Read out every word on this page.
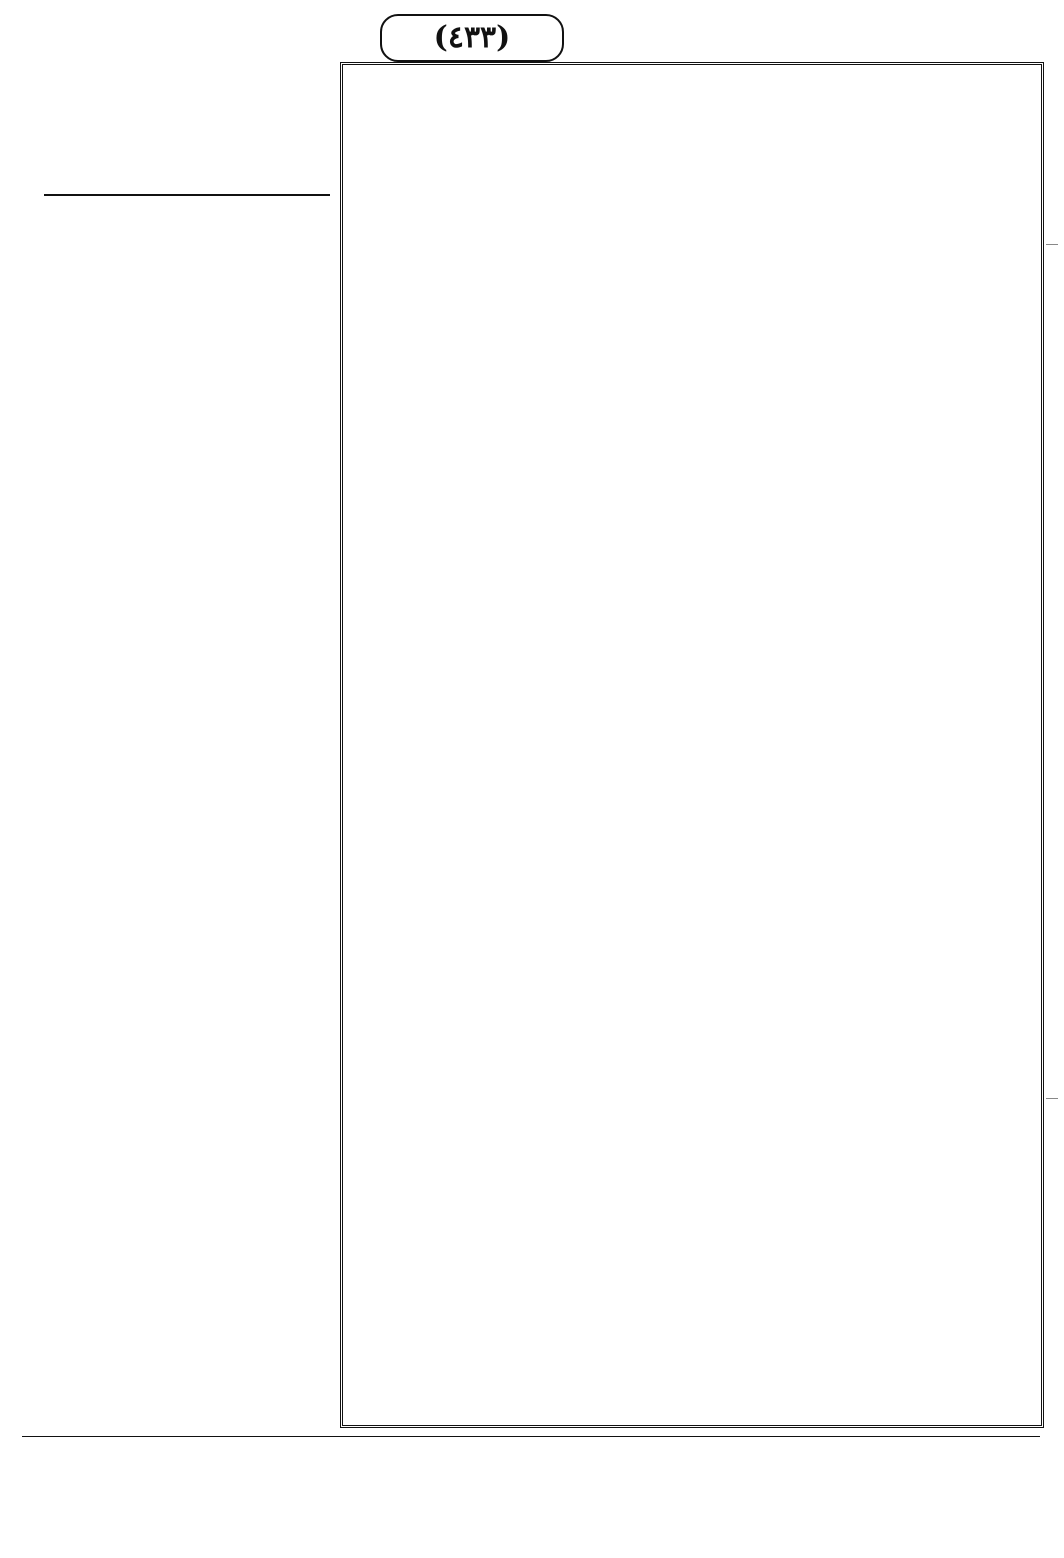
(٤٣٣)
